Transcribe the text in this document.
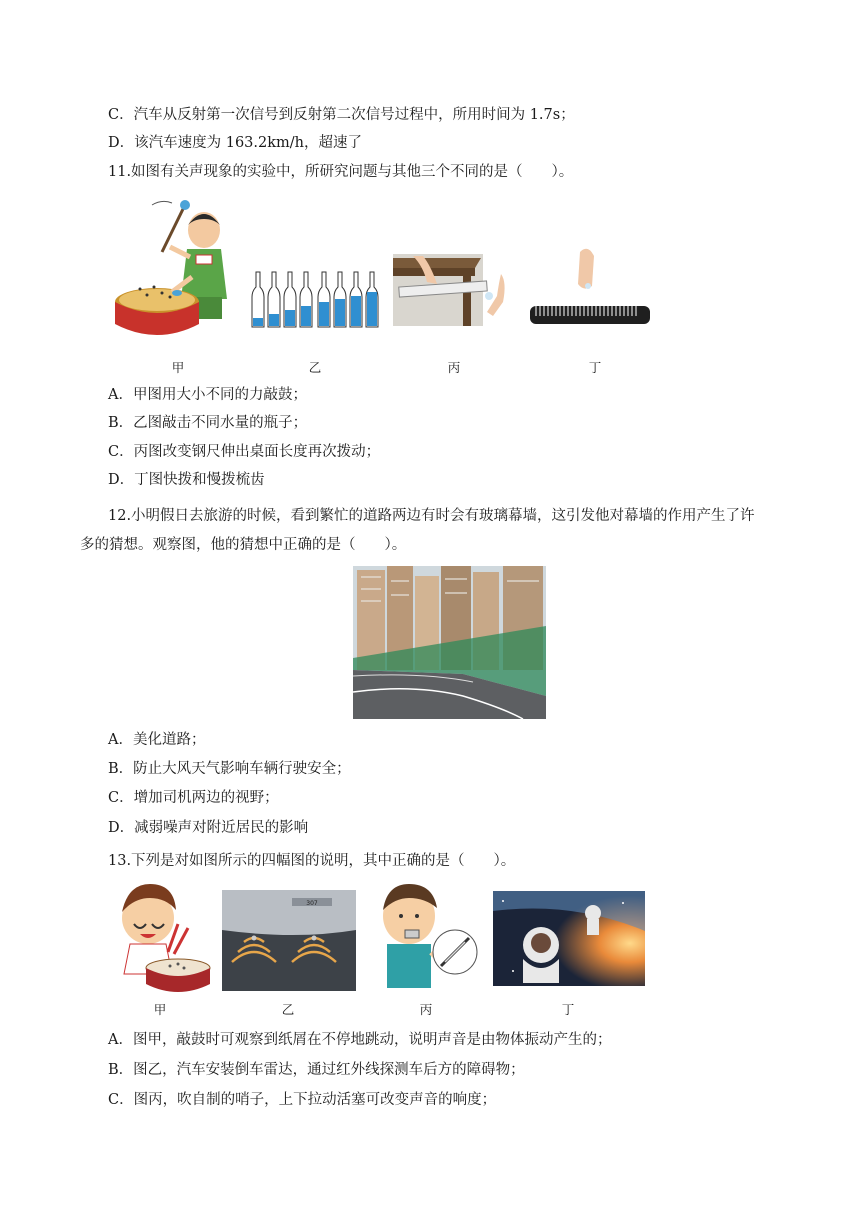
C．汽车从反射第一次信号到反射第二次信号过程中，所用时间为 1.7s；
D．该汽车速度为 163.2km/h，超速了
11.如图有关声现象的实验中，所研究问题与其他三个不同的是（　　）。
甲	乙	丙	丁
A．甲图用大小不同的力敲鼓；
B．乙图敲击不同水量的瓶子；
C．丙图改变钢尺伸出桌面长度再次拨动；
D．丁图快拨和慢拨梳齿
12.小明假日去旅游的时候，看到繁忙的道路两边有时会有玻璃幕墙，这引发他对幕墙的作用产生了许
多的猜想。观察图，他的猜想中正确的是（　　）。
A．美化道路；
B．防止大风天气影响车辆行驶安全；
C．增加司机两边的视野；
D．减弱噪声对附近居民的影响
13.下列是对如图所示的四幅图的说明，其中正确的是（　　）。
307
甲	乙	丙	丁
A．图甲，敲鼓时可观察到纸屑在不停地跳动，说明声音是由物体振动产生的；
B．图乙，汽车安装倒车雷达，通过红外线探测车后方的障碍物；
C．图丙，吹自制的哨子，上下拉动活塞可改变声音的响度；
